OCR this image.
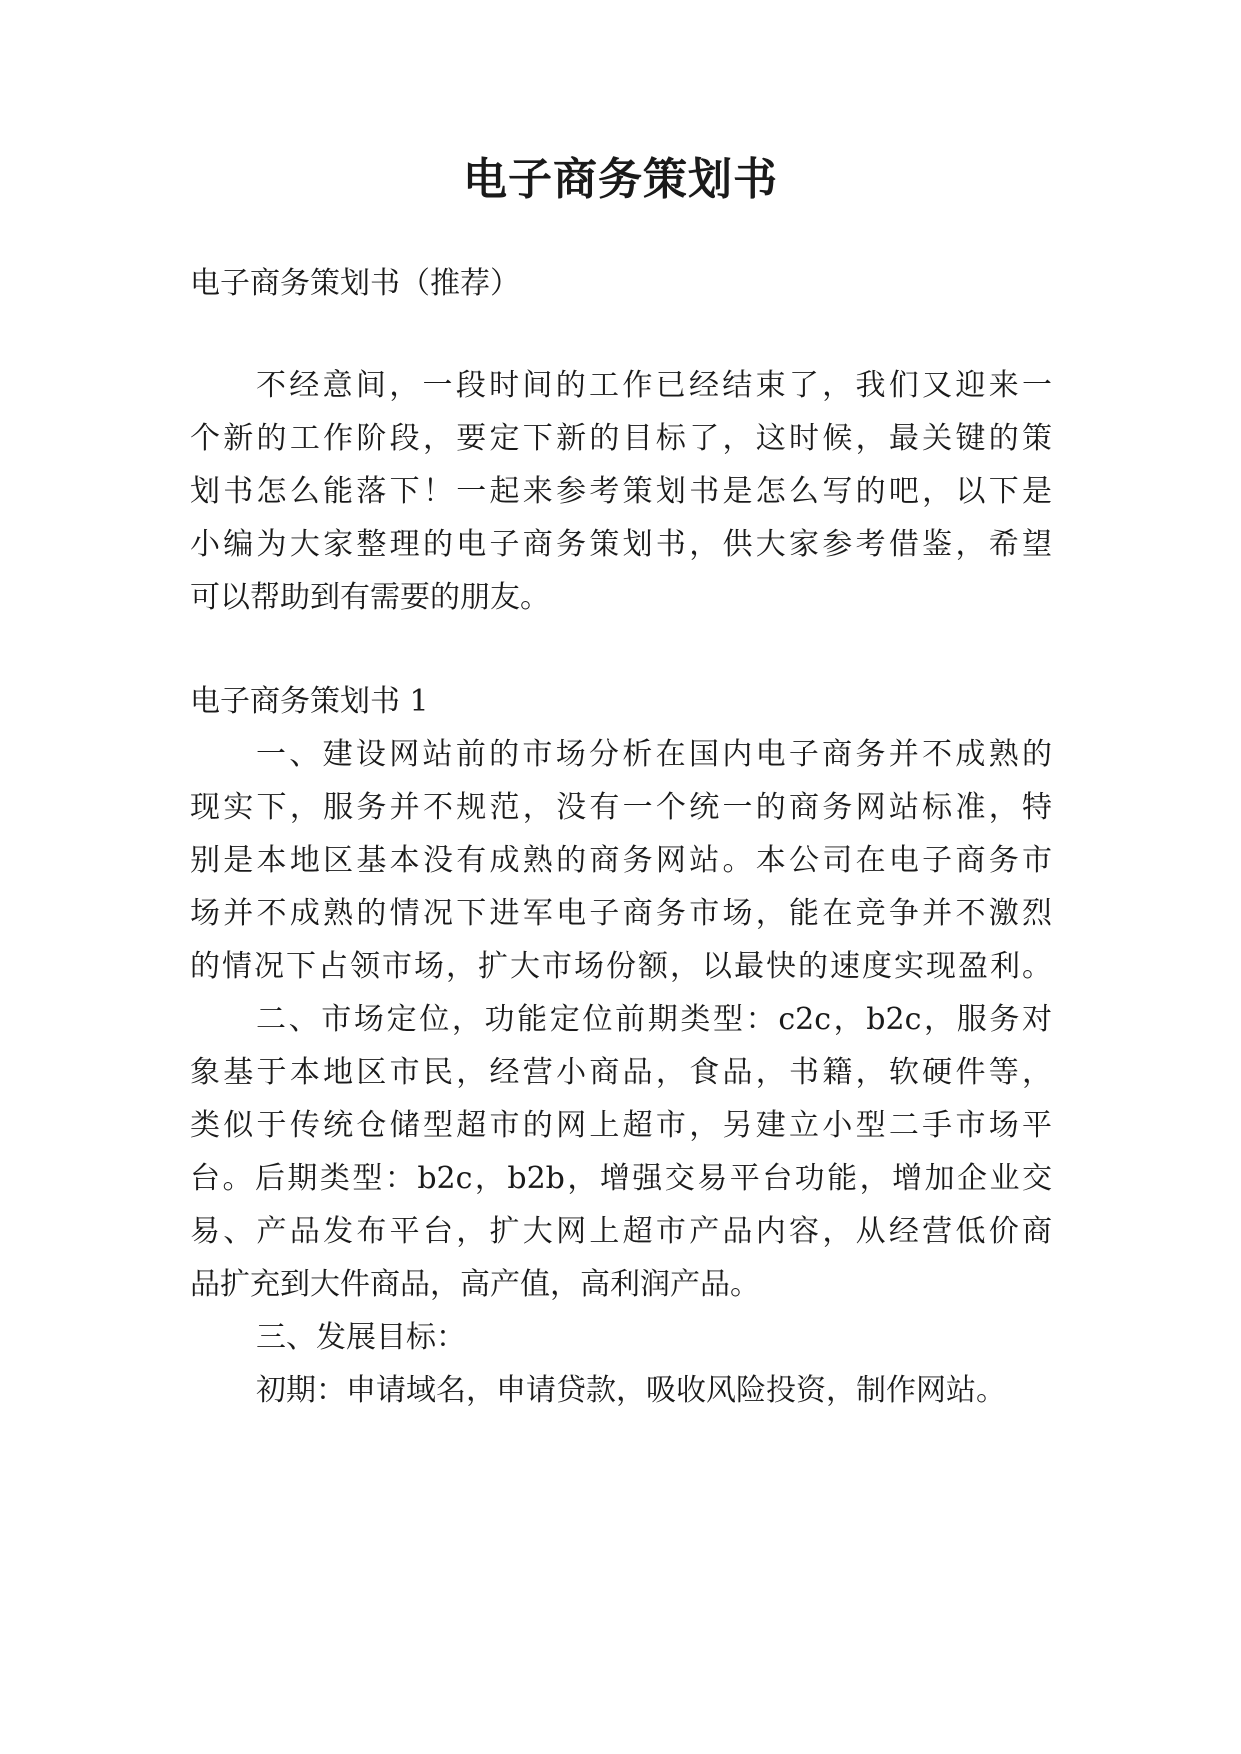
电子商务策划书
电子商务策划书（推荐）
不经意间，一段时间的工作已经结束了，我们又迎来一
个新的工作阶段，要定下新的目标了，这时候，最关键的策
划书怎么能落下！一起来参考策划书是怎么写的吧，以下是
小编为大家整理的电子商务策划书，供大家参考借鉴，希望
可以帮助到有需要的朋友。
电子商务策划书 1
一、建设网站前的市场分析在国内电子商务并不成熟的
现实下，服务并不规范，没有一个统一的商务网站标准，特
别是本地区基本没有成熟的商务网站。本公司在电子商务市
场并不成熟的情况下进军电子商务市场，能在竞争并不激烈
的情况下占领市场，扩大市场份额，以最快的速度实现盈利。
二、市场定位，功能定位前期类型：c2c，b2c，服务对
象基于本地区市民，经营小商品，食品，书籍，软硬件等，
类似于传统仓储型超市的网上超市，另建立小型二手市场平
台。后期类型：b2c，b2b，增强交易平台功能，增加企业交
易、产品发布平台，扩大网上超市产品内容，从经营低价商
品扩充到大件商品，高产值，高利润产品。
三、发展目标：
初期：申请域名，申请贷款，吸收风险投资，制作网站。
